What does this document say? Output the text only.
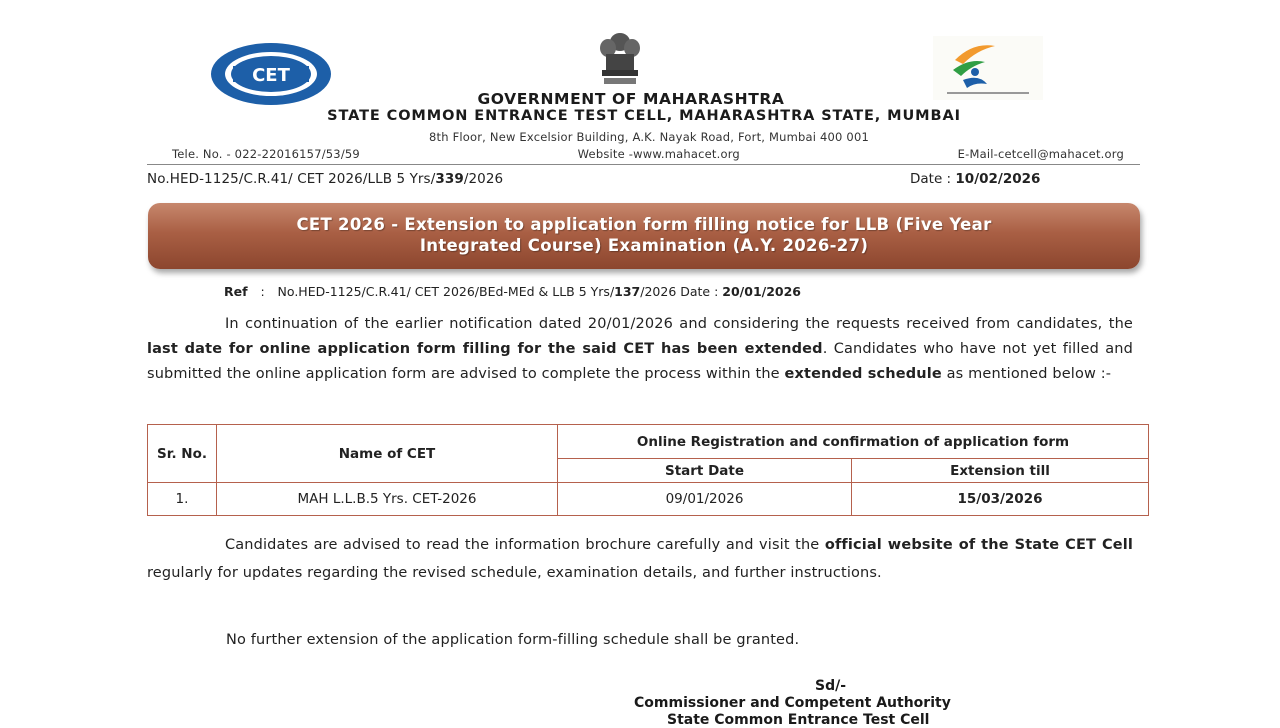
CET
GOVERNMENT OF MAHARASHTRA
STATE COMMON ENTRANCE TEST CELL, MAHARASHTRA STATE, MUMBAI
8th Floor, New Excelsior Building, A.K. Nayak Road, Fort, Mumbai 400 001
Tele. No. - 022-22016157/53/59	Website -www.mahacet.org	E-Mail-cetcell@mahacet.org
No.HED-1125/C.R.41/ CET 2026/LLB 5 Yrs/339/2026	Date : 10/02/2026
CET 2026 - Extension to application form filling notice for LLB (Five Year
Integrated Course) Examination (A.Y. 2026-27)
Ref : No.HED-1125/C.R.41/ CET 2026/BEd-MEd & LLB 5 Yrs/137/2026 Date : 20/01/2026
In continuation of the earlier notification dated 20/01/2026 and considering the requests received from candidates, the last date for online application form filling for the said CET has been extended. Candidates who have not yet filled and submitted the online application form are advised to complete the process within the extended schedule as mentioned below :-
Sr. No.	Name of CET	Online Registration and confirmation of application form	

		Start Date	Extension till
1.	MAH L.L.B.5 Yrs. CET-2026	09/01/2026	15/03/2026
Candidates are advised to read the information brochure carefully and visit the official website of the State CET Cell regularly for updates regarding the revised schedule, examination details, and further instructions.
No further extension of the application form-filling schedule shall be granted.
Sd/-
Commissioner and Competent Authority
State Common Entrance Test Cell
